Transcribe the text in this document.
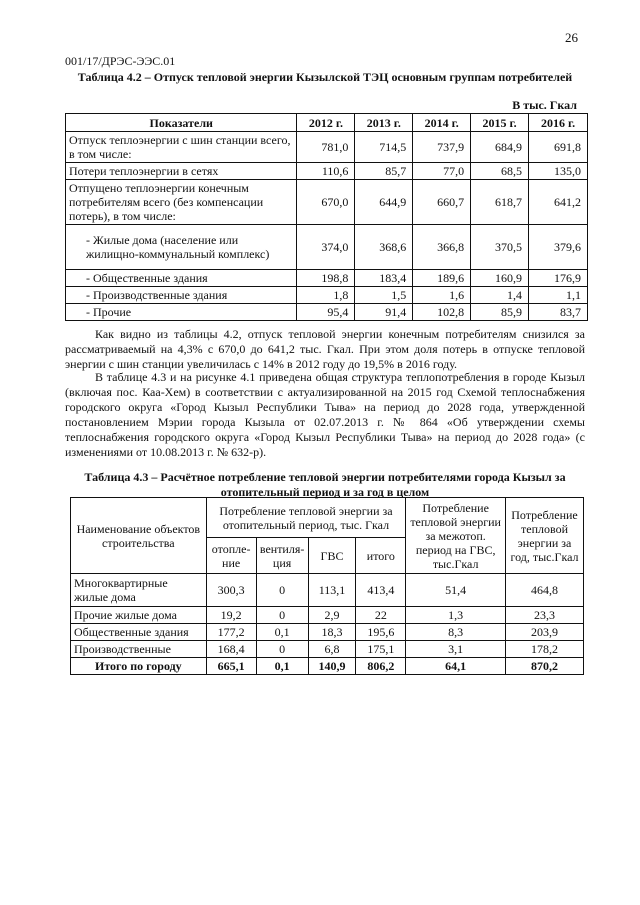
26
001/17/ДРЭС-ЭЭС.01
Таблица 4.2 – Отпуск тепловой энергии Кызылской ТЭЦ основным группам потребителей
В тыс. Гкал
Показатели	2012 г.	2013 г.	2014 г.	2015 г.	2016 г.
Отпуск теплоэнергии с шин станции всего, в том числе:	781,0	714,5	737,9	684,9	691,8
Потери теплоэнергии в сетях	110,6	85,7	77,0	68,5	135,0
Отпущено теплоэнергии конечным потребителям всего (без компенсации потерь), в том числе:	670,0	644,9	660,7	618,7	641,2
- Жилые дома (население или жилищно-коммунальный комплекс)	374,0	368,6	366,8	370,5	379,6
- Общественные здания	198,8	183,4	189,6	160,9	176,9
- Производственные здания	1,8	1,5	1,6	1,4	1,1
- Прочие	95,4	91,4	102,8	85,9	83,7
Как видно из таблицы 4.2, отпуск тепловой энергии конечным потребителям снизился за рассматриваемый на 4,3% с 670,0 до 641,2 тыс. Гкал. При этом доля потерь в отпуске тепловой энергии с шин станции увеличилась с 14% в 2012 году до 19,5% в 2016 году.
В таблице 4.3 и на рисунке 4.1 приведена общая структура теплопотребления в городе Кызыл (включая пос. Каа-Хем) в соответствии с актуализированной на 2015 год Схемой теплоснабжения городского округа «Город Кызыл Республики Тыва» на период до 2028 года, утвержденной постановлением Мэрии города Кызыла от 02.07.2013 г. № 864 «Об утверждении схемы теплоснабжения городского округа «Город Кызыл Республики Тыва» на период до 2028 года» (с изменениями от 10.08.2013 г. № 632-р).
Таблица 4.3 – Расчётное потребление тепловой энергии потребителями города Кызыл за отопительный период и за год в целом
Наименование объектов строительства	Потребление тепловой энергии за отопительный период, тыс. Гкал				Потребление тепловой энергии за межотоп. период на ГВС, тыс.Гкал	Потребление тепловой энергии за год, тыс.Гкал
	отопле-ние	вентиля-ция	ГВС	итого		
Многоквартирные жилые дома	300,3	0	113,1	413,4	51,4	464,8
Прочие жилые дома	19,2	0	2,9	22	1,3	23,3
Общественные здания	177,2	0,1	18,3	195,6	8,3	203,9
Производственные	168,4	0	6,8	175,1	3,1	178,2
Итого по городу	665,1	0,1	140,9	806,2	64,1	870,2
